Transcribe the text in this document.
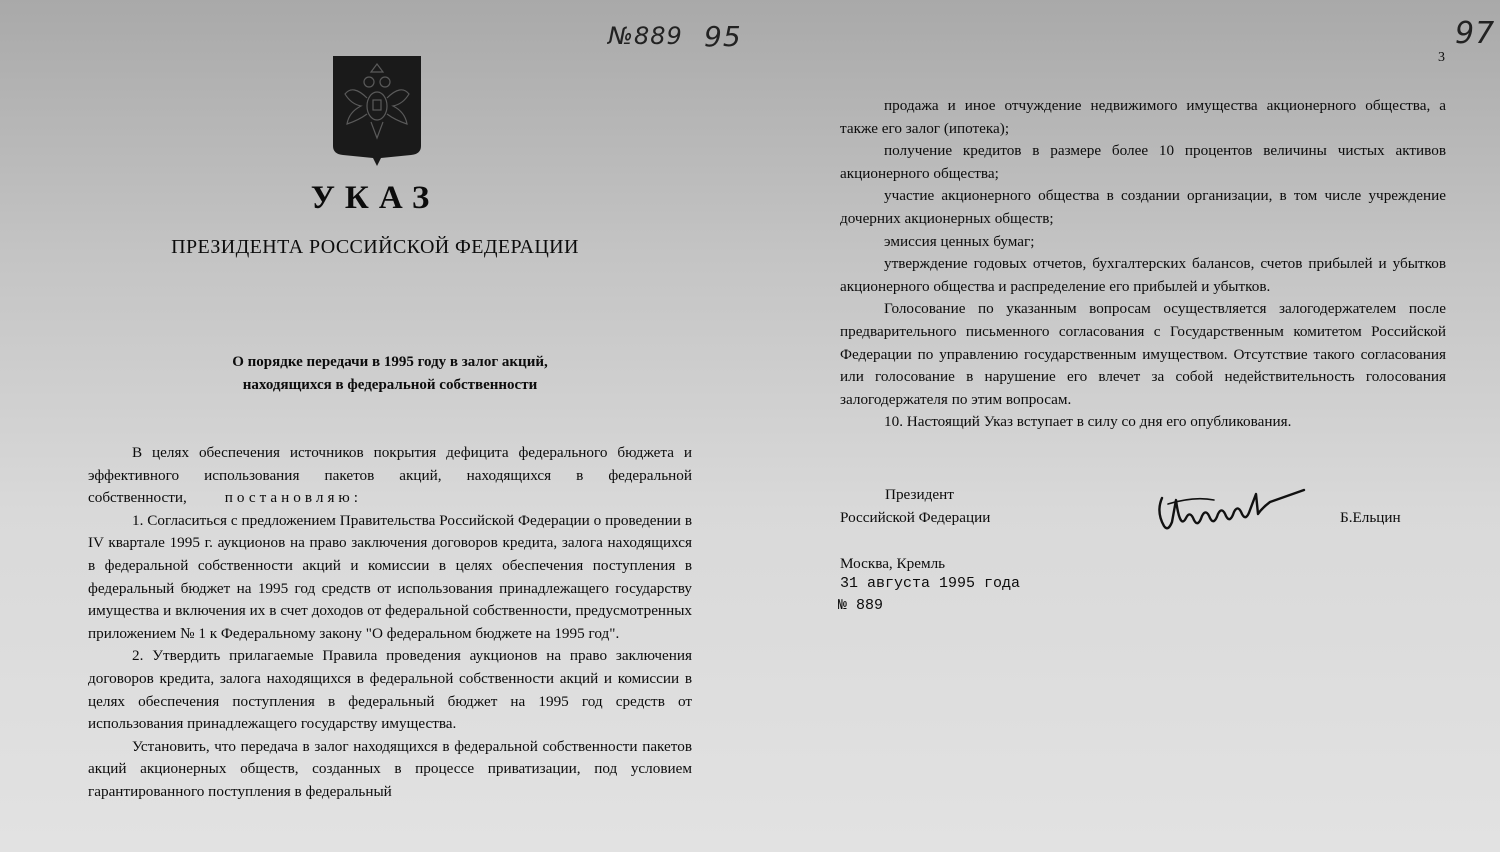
№889 95
УКАЗ
ПРЕЗИДЕНТА РОССИЙСКОЙ ФЕДЕРАЦИИ
О порядке передачи в 1995 году в залог акций,
находящихся в федеральной собственности

В целях обеспечения источников покрытия дефицита федерального бюджета и эффективного использования пакетов акций, находящихся в федеральной собственности, постановляю:

1. Согласиться с предложением Правительства Российской Федерации о проведении в IV квартале 1995 г. аукционов на право заключения договоров кредита, залога находящихся в федеральной собственности акций и комиссии в целях обеспечения поступления в федеральный бюджет на 1995 год средств от использования принадлежащего государству имущества и включения их в счет доходов от федеральной собственности, предусмотренных приложением № 1 к Федеральному закону "О федеральном бюджете на 1995 год".

2. Утвердить прилагаемые Правила проведения аукционов на право заключения договоров кредита, залога находящихся в федеральной собственности акций и комиссии в целях обеспечения поступления в федеральный бюджет на 1995 год средств от использования принадлежащего государству имущества.

Установить, что передача в залог находящихся в федеральной собственности пакетов акций акционерных обществ, созданных в процессе приватизации, под условием гарантированного поступления в федеральный

3
97

продажа и иное отчуждение недвижимого имущества акционерного общества, а также его залог (ипотека);

получение кредитов в размере более 10 процентов величины чистых активов акционерного общества;

участие акционерного общества в создании организации, в том числе учреждение дочерних акционерных обществ;

эмиссия ценных бумаг;

утверждение годовых отчетов, бухгалтерских балансов, счетов прибылей и убытков акционерного общества и распределение его прибылей и убытков.

Голосование по указанным вопросам осуществляется залогодержателем после предварительного письменного согласования с Государственным комитетом Российской Федерации по управлению государственным имуществом. Отсутствие такого согласования или голосование в нарушение его влечет за собой недействительность голосования залогодержателя по этим вопросам.

10. Настоящий Указ вступает в силу со дня его опубликования.

Президент
Российской Федерации	Б.Ельцин
Москва, Кремль
31 августа 1995 года
№ 889
